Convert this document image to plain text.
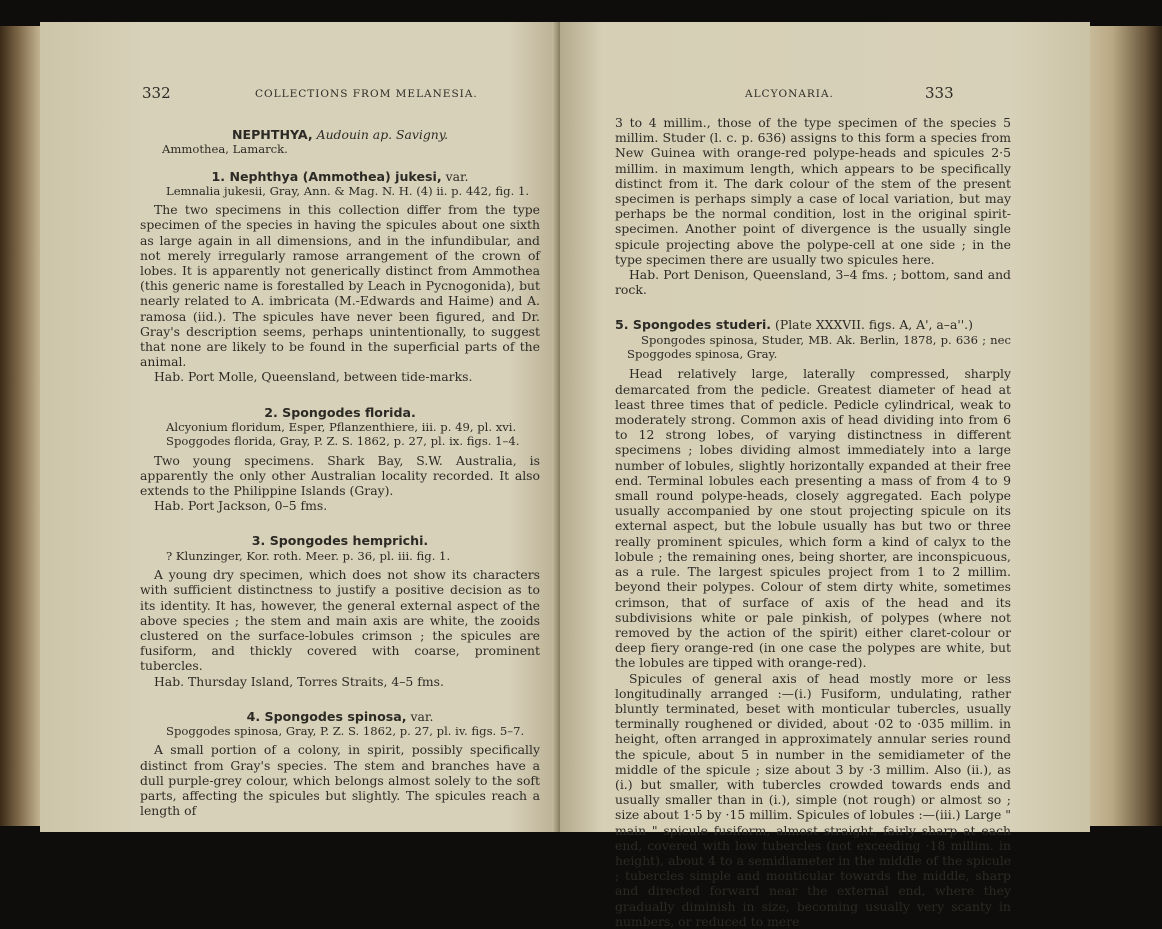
332	COLLECTIONS FROM MELANESIA.

NEPHTHYA, Audouin ap. Savigny.

Ammothea, Lamarck.

1. Nephthya (Ammothea) jukesi, var.

Lemnalia jukesii, Gray, Ann. & Mag. N. H. (4) ii. p. 442, fig. 1.

The two specimens in this collection differ from the type specimen of the species in having the spicules about one sixth as large again in all dimensions, and in the infundibular, and not merely irregularly ramose arrangement of the crown of lobes. It is apparently not generically distinct from Ammothea (this generic name is forestalled by Leach in Pycnogonida), but nearly related to A. imbricata (M.-Edwards and Haime) and A. ramosa (iid.). The spicules have never been figured, and Dr. Gray's description seems, perhaps unintentionally, to suggest that none are likely to be found in the superficial parts of the animal.

Hab. Port Molle, Queensland, between tide-marks.

2. Spongodes florida.

Alcyonium floridum, Esper, Pflanzenthiere, iii. p. 49, pl. xvi.

Spoggodes florida, Gray, P. Z. S. 1862, p. 27, pl. ix. figs. 1–4.

Two young specimens. Shark Bay, S.W. Australia, is apparently the only other Australian locality recorded. It also extends to the Philippine Islands (Gray).

Hab. Port Jackson, 0–5 fms.

3. Spongodes hemprichi.

? Klunzinger, Kor. roth. Meer. p. 36, pl. iii. fig. 1.

A young dry specimen, which does not show its characters with sufficient distinctness to justify a positive decision as to its identity. It has, however, the general external aspect of the above species ; the stem and main axis are white, the zooids clustered on the surface-lobules crimson ; the spicules are fusiform, and thickly covered with coarse, prominent tubercles.

Hab. Thursday Island, Torres Straits, 4–5 fms.

4. Spongodes spinosa, var.

Spoggodes spinosa, Gray, P. Z. S. 1862, p. 27, pl. iv. figs. 5–7.

A small portion of a colony, in spirit, possibly specifically distinct from Gray's species. The stem and branches have a dull purple-grey colour, which belongs almost solely to the soft parts, affecting the spicules but slightly. The spicules reach a length of

ALCYONARIA.	333

3 to 4 millim., those of the type specimen of the species 5 millim. Studer (l. c. p. 636) assigns to this form a species from New Guinea with orange-red polype-heads and spicules 2·5 millim. in maximum length, which appears to be specifically distinct from it. The dark colour of the stem of the present specimen is perhaps simply a case of local variation, but may perhaps be the normal condition, lost in the original spirit-specimen. Another point of divergence is the usually single spicule projecting above the polype-cell at one side ; in the type specimen there are usually two spicules here.

Hab. Port Denison, Queensland, 3–4 fms. ; bottom, sand and rock.

5. Spongodes studeri. (Plate XXXVII. figs. A, A', a–a''.)

Spongodes spinosa, Studer, MB. Ak. Berlin, 1878, p. 636 ; nec Spoggodes spinosa, Gray.

Head relatively large, laterally compressed, sharply demarcated from the pedicle. Greatest diameter of head at least three times that of pedicle. Pedicle cylindrical, weak to moderately strong. Common axis of head dividing into from 6 to 12 strong lobes, of varying distinctness in different specimens ; lobes dividing almost immediately into a large number of lobules, slightly horizontally expanded at their free end. Terminal lobules each presenting a mass of from 4 to 9 small round polype-heads, closely aggregated. Each polype usually accompanied by one stout projecting spicule on its external aspect, but the lobule usually has but two or three really prominent spicules, which form a kind of calyx to the lobule ; the remaining ones, being shorter, are inconspicuous, as a rule. The largest spicules project from 1 to 2 millim. beyond their polypes. Colour of stem dirty white, sometimes crimson, that of surface of axis of the head and its subdivisions white or pale pinkish, of polypes (where not removed by the action of the spirit) either claret-colour or deep fiery orange-red (in one case the polypes are white, but the lobules are tipped with orange-red).

Spicules of general axis of head mostly more or less longitudinally arranged :—(i.) Fusiform, undulating, rather bluntly terminated, beset with monticular tubercles, usually terminally roughened or divided, about ·02 to ·035 millim. in height, often arranged in approximately annular series round the spicule, about 5 in number in the semidiameter of the middle of the spicule ; size about 3 by ·3 millim. Also (ii.), as (i.) but smaller, with tubercles crowded towards ends and usually smaller than in (i.), simple (not rough) or almost so ; size about 1·5 by ·15 millim. Spicules of lobules :—(iii.) Large " main " spicule fusiform, almost straight, fairly sharp at each end, covered with low tubercles (not exceeding ·18 millim. in height), about 4 to a semidiameter in the middle of the spicule ; tubercles simple and monticular towards the middle, sharp and directed forward near the external end, where they gradually diminish in size, becoming usually very scanty in numbers, or reduced to mere
